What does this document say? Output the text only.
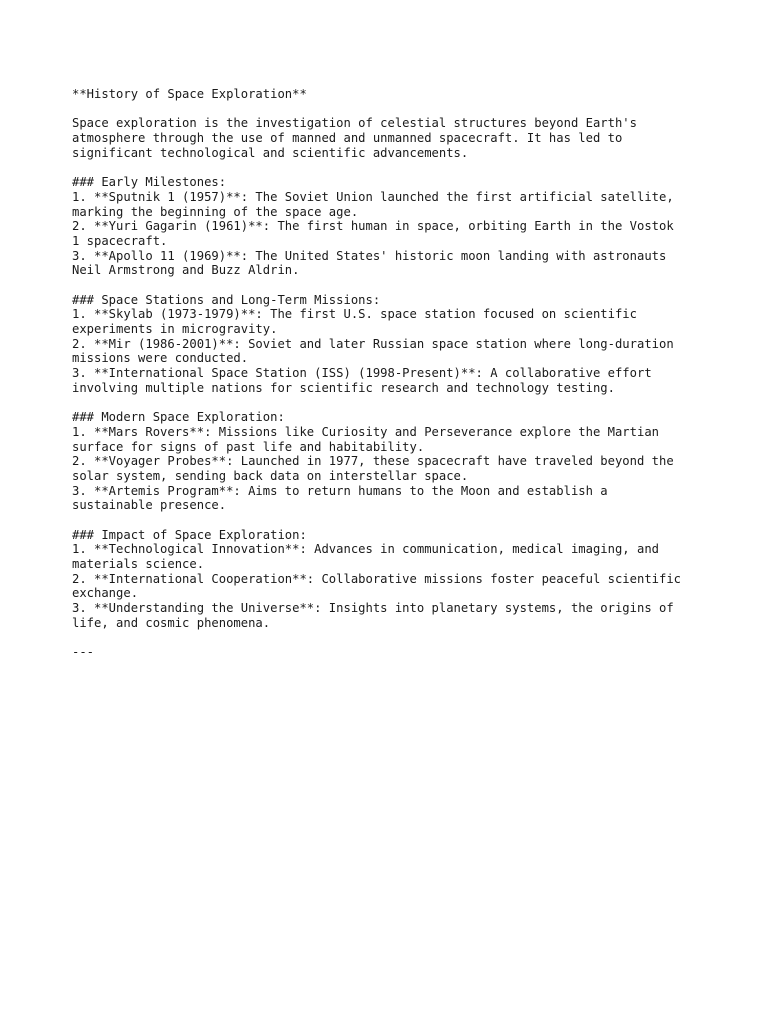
**History of Space Exploration**
Space exploration is the investigation of celestial structures beyond Earth's
atmosphere through the use of manned and unmanned spacecraft. It has led to
significant technological and scientific advancements.
### Early Milestones:
1. **Sputnik 1 (1957)**: The Soviet Union launched the first artificial satellite,
marking the beginning of the space age.
2. **Yuri Gagarin (1961)**: The first human in space, orbiting Earth in the Vostok
1 spacecraft.
3. **Apollo 11 (1969)**: The United States' historic moon landing with astronauts
Neil Armstrong and Buzz Aldrin.
### Space Stations and Long-Term Missions:
1. **Skylab (1973-1979)**: The first U.S. space station focused on scientific
experiments in microgravity.
2. **Mir (1986-2001)**: Soviet and later Russian space station where long-duration
missions were conducted.
3. **International Space Station (ISS) (1998-Present)**: A collaborative effort
involving multiple nations for scientific research and technology testing.
### Modern Space Exploration:
1. **Mars Rovers**: Missions like Curiosity and Perseverance explore the Martian
surface for signs of past life and habitability.
2. **Voyager Probes**: Launched in 1977, these spacecraft have traveled beyond the
solar system, sending back data on interstellar space.
3. **Artemis Program**: Aims to return humans to the Moon and establish a
sustainable presence.
### Impact of Space Exploration:
1. **Technological Innovation**: Advances in communication, medical imaging, and
materials science.
2. **International Cooperation**: Collaborative missions foster peaceful scientific
exchange.
3. **Understanding the Universe**: Insights into planetary systems, the origins of
life, and cosmic phenomena.
---
